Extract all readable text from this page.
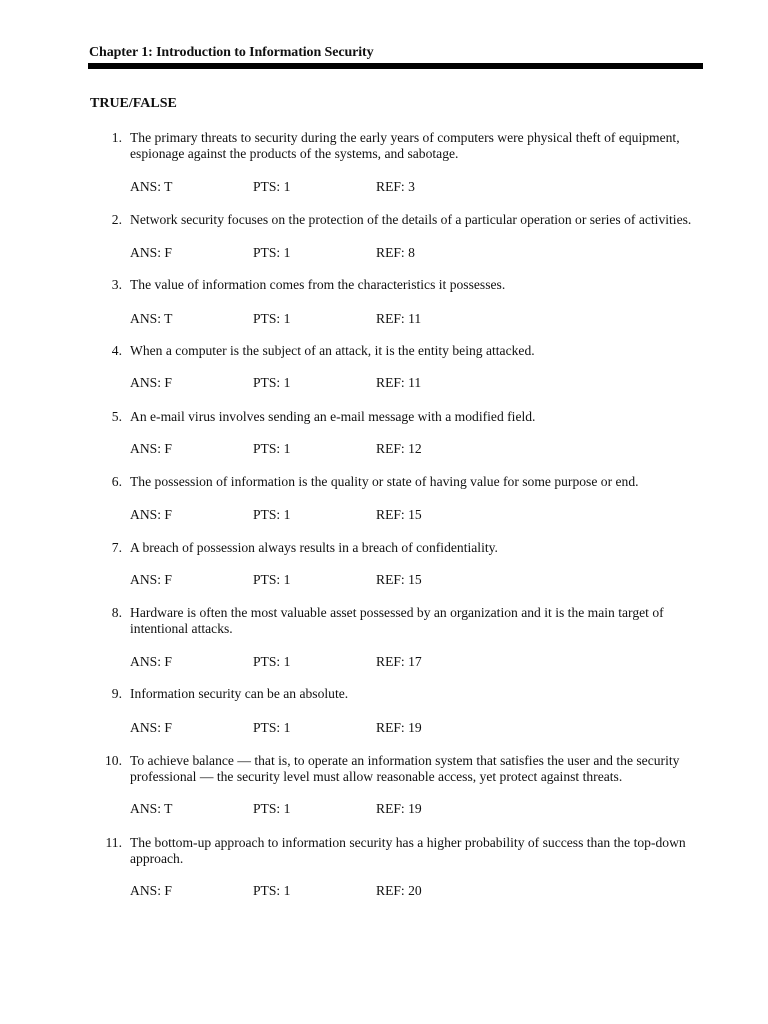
Chapter 1: Introduction to Information Security
TRUE/FALSE
1. The primary threats to security during the early years of computers were physical theft of equipment, espionage against the products of the systems, and sabotage.
ANS: T	PTS: 1	REF: 3
2. Network security focuses on the protection of the details of a particular operation or series of activities.
ANS: F	PTS: 1	REF: 8
3. The value of information comes from the characteristics it possesses.
ANS: T	PTS: 1	REF: 11
4. When a computer is the subject of an attack, it is the entity being attacked.
ANS: F	PTS: 1	REF: 11
5. An e-mail virus involves sending an e-mail message with a modified field.
ANS: F	PTS: 1	REF: 12
6. The possession of information is the quality or state of having value for some purpose or end.
ANS: F	PTS: 1	REF: 15
7. A breach of possession always results in a breach of confidentiality.
ANS: F	PTS: 1	REF: 15
8. Hardware is often the most valuable asset possessed by an organization and it is the main target of intentional attacks.
ANS: F	PTS: 1	REF: 17
9. Information security can be an absolute.
ANS: F	PTS: 1	REF: 19
10. To achieve balance — that is, to operate an information system that satisfies the user and the security professional — the security level must allow reasonable access, yet protect against threats.
ANS: T	PTS: 1	REF: 19
11. The bottom-up approach to information security has a higher probability of success than the top-down approach.
ANS: F	PTS: 1	REF: 20
